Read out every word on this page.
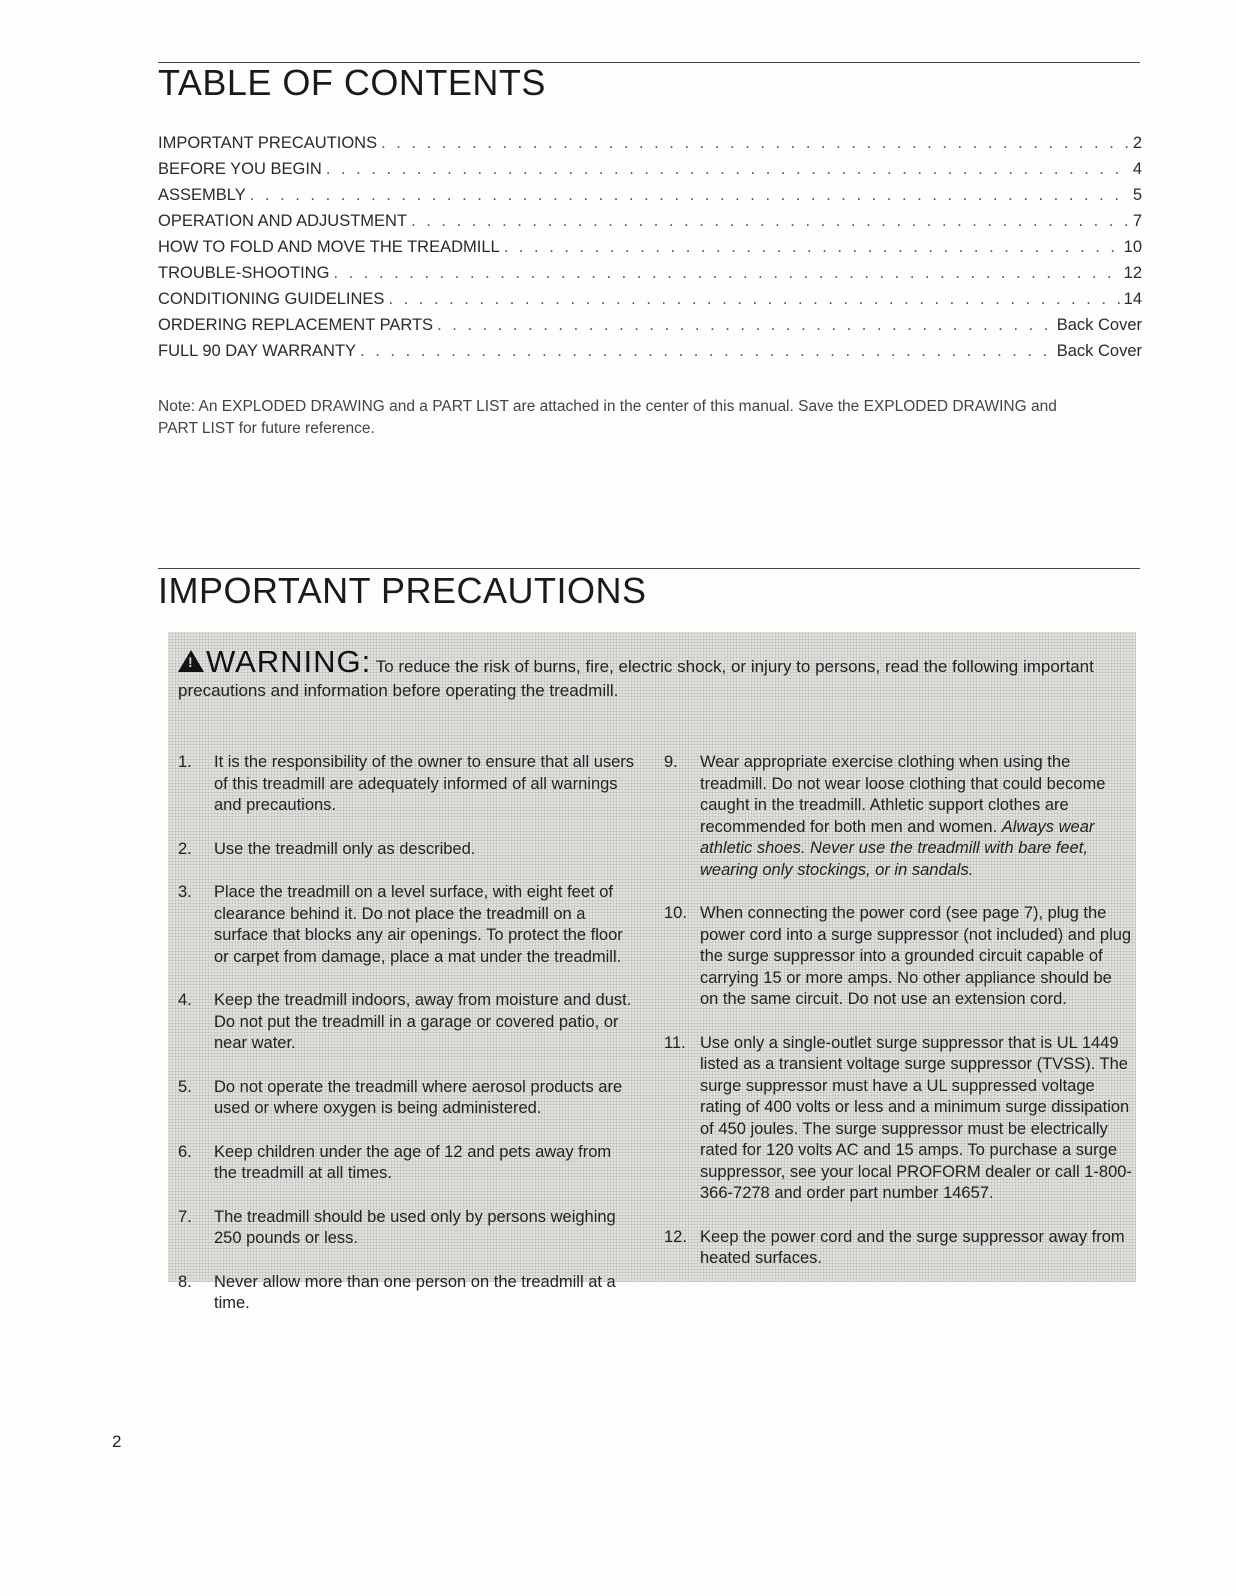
TABLE OF CONTENTS
IMPORTANT PRECAUTIONS . . .	2
BEFORE YOU BEGIN . . .	4
ASSEMBLY . . .	5
OPERATION AND ADJUSTMENT . . .	7
HOW TO FOLD AND MOVE THE TREADMILL . . .	10
TROUBLE-SHOOTING . . .	12
CONDITIONING GUIDELINES . . .	14
ORDERING REPLACEMENT PARTS . . .	Back Cover
FULL 90 DAY WARRANTY . . .	Back Cover

Note: An EXPLODED DRAWING and a PART LIST are attached in the center of this manual. Save the EXPLODED DRAWING and PART LIST for future reference.

IMPORTANT PRECAUTIONS
!WARNING: To reduce the risk of burns, fire, electric shock, or injury to persons, read the following important precautions and information before operating the treadmill.

1. It is the responsibility of the owner to ensure that all users of this treadmill are adequately informed of all warnings and precautions.

2. Use the treadmill only as described.

3. Place the treadmill on a level surface, with eight feet of clearance behind it. Do not place the treadmill on a surface that blocks any air openings. To protect the floor or carpet from damage, place a mat under the treadmill.

4. Keep the treadmill indoors, away from moisture and dust. Do not put the treadmill in a garage or covered patio, or near water.

5. Do not operate the treadmill where aerosol products are used or where oxygen is being administered.

6. Keep children under the age of 12 and pets away from the treadmill at all times.

7. The treadmill should be used only by persons weighing 250 pounds or less.

8. Never allow more than one person on the treadmill at a time.

9. Wear appropriate exercise clothing when using the treadmill. Do not wear loose clothing that could become caught in the treadmill. Athletic support clothes are recommended for both men and women. Always wear athletic shoes. Never use the treadmill with bare feet, wearing only stockings, or in sandals.

10. When connecting the power cord (see page 7), plug the power cord into a surge suppressor (not included) and plug the surge suppressor into a grounded circuit capable of carrying 15 or more amps. No other appliance should be on the same circuit. Do not use an extension cord.

11. Use only a single-outlet surge suppressor that is UL 1449 listed as a transient voltage surge suppressor (TVSS). The surge suppressor must have a UL suppressed voltage rating of 400 volts or less and a minimum surge dissipation of 450 joules. The surge suppressor must be electrically rated for 120 volts AC and 15 amps. To purchase a surge suppressor, see your local PROFORM dealer or call 1-800-366-7278 and order part number 14657.

12. Keep the power cord and the surge suppressor away from heated surfaces.

2
